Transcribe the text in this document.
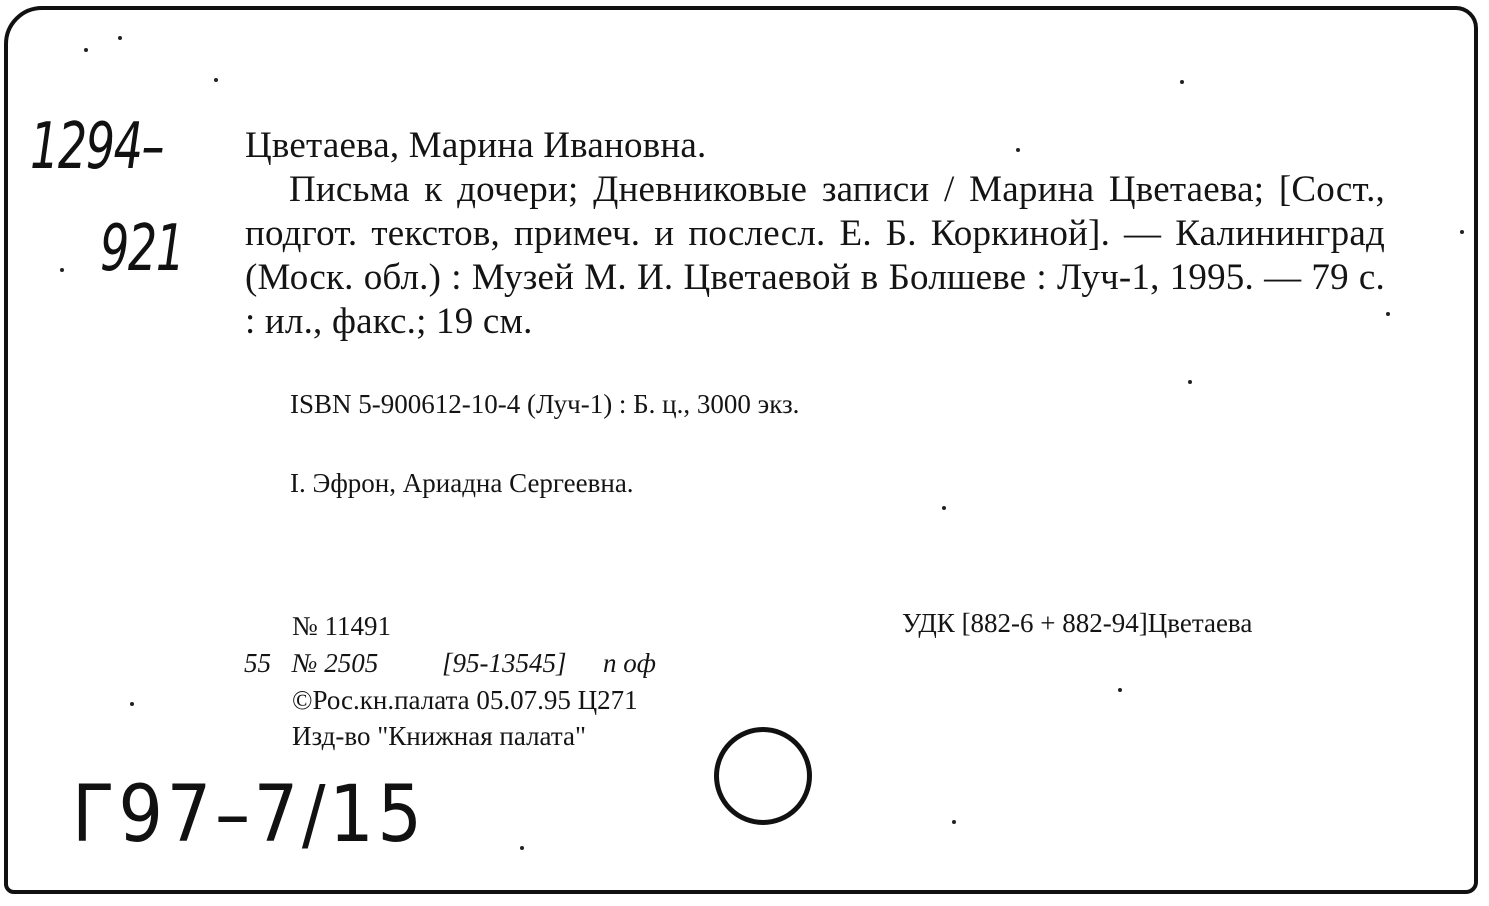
1294–
921
Цветаева, Марина Ивановна.
Письма к дочери; Дневниковые записи / Марина Цветаева; [Сост., подгот. текстов, примеч. и послесл. Е. Б. Коркиной]. — Калининград (Моск. обл.) : Музей М. И. Цветаевой в Болшеве : Луч-1, 1995. — 79 с. : ил., факс.; 19 см.
ISBN 5-900612-10-4 (Луч-1) : Б. ц., 3000 экз.
I. Эфрон, Ариадна Сергеевна.
№ 11491
55 № 2505 [95-13545] п оф
©Рос.кн.палата 05.07.95 Ц271
Изд-во "Книжная палата"
УДК [882-6 + 882-94]Цветаева
Г97–7/15
